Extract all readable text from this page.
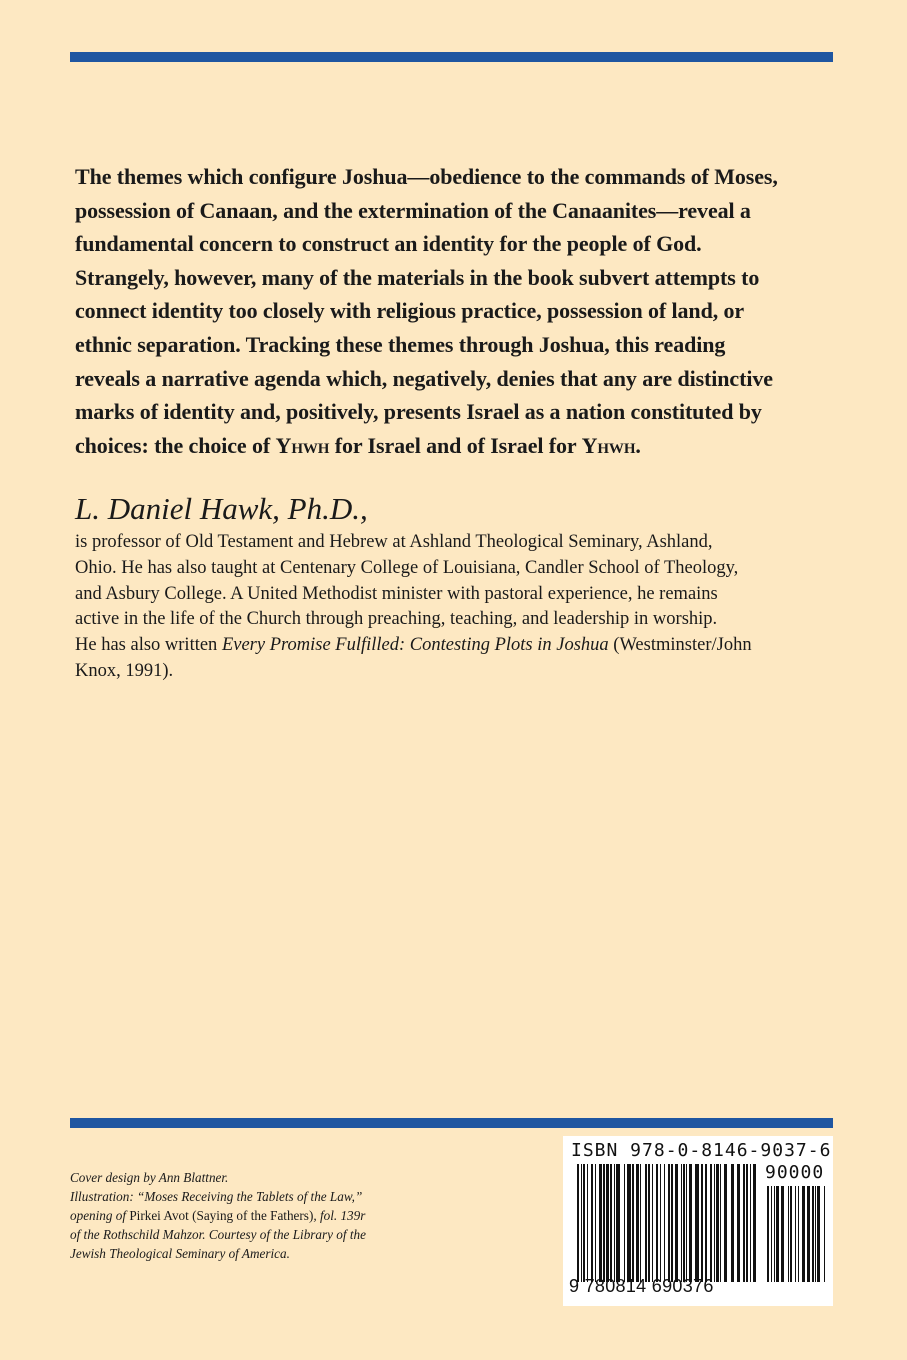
The themes which configure Joshua—obedience to the commands of Moses,
possession of Canaan, and the extermination of the Canaanites—reveal a
fundamental concern to construct an identity for the people of God.
Strangely, however, many of the materials in the book subvert attempts to
connect identity too closely with religious practice, possession of land, or
ethnic separation. Tracking these themes through Joshua, this reading
reveals a narrative agenda which, negatively, denies that any are distinctive
marks of identity and, positively, presents Israel as a nation constituted by
choices: the choice of Yhwh for Israel and of Israel for Yhwh.

L. Daniel Hawk, Ph.D.,

is professor of Old Testament and Hebrew at Ashland Theological Seminary, Ashland,
Ohio. He has also taught at Centenary College of Louisiana, Candler School of Theology,
and Asbury College. A United Methodist minister with pastoral experience, he remains
active in the life of the Church through preaching, teaching, and leadership in worship.
He has also written Every Promise Fulfilled: Contesting Plots in Joshua (Westminster/John
Knox, 1991).

Cover design by Ann Blattner.
Illustration: “Moses Receiving the Tablets of the Law,”
opening of Pirkei Avot (Saying of the Fathers), fol. 139r
of the Rothschild Mahzor. Courtesy of the Library of the
Jewish Theological Seminary of America.

ISBN 978-0-8146-9037-6
90000
9 780814 690376
